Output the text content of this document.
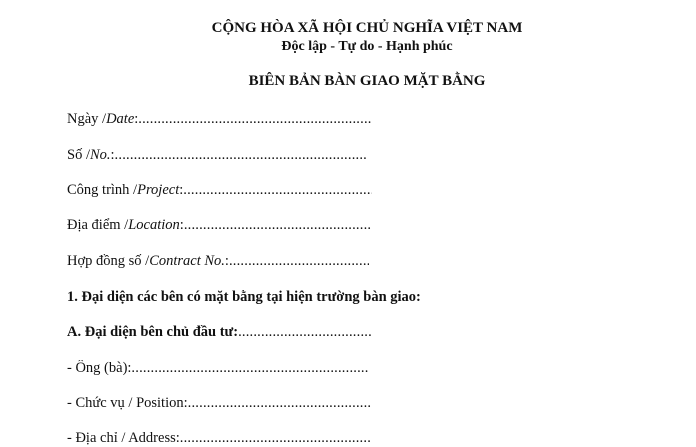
CỘNG HÒA XÃ HỘI CHỦ NGHĨA VIỆT NAM
Độc lập - Tự do - Hạnh phúc
BIÊN BẢN BÀN GIAO MẶT BẰNG
Ngày / Date :
.....
Số / No. :
.....
Công trình / Project :
.....
Địa điểm / Location :
.....
Hợp đồng số / Contract No. :
.....
1. Đại diện các bên có mặt bằng tại hiện trường bàn giao:
A. Đại diện bên chủ đầu tư:
.....
- Ông (bà):
.....
- Chức vụ / Position:
.....
- Địa chỉ / Address:
.....
